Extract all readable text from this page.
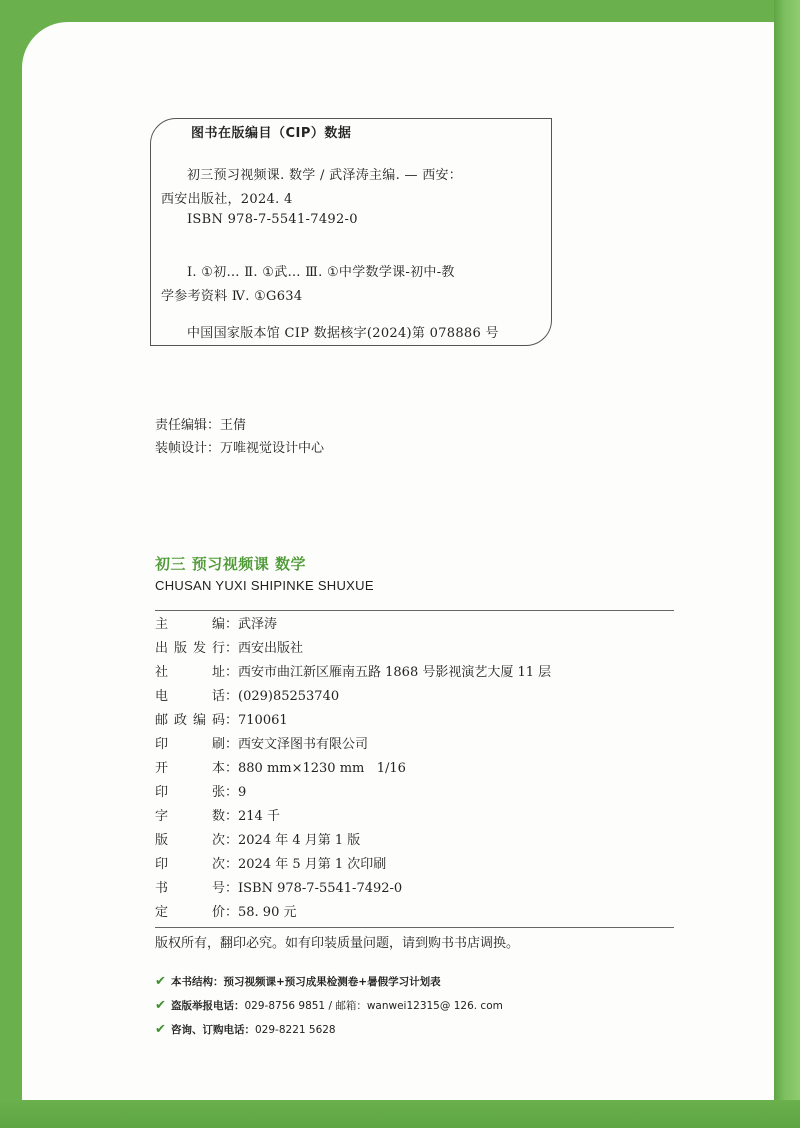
图书在版编目（CIP）数据
初三预习视频课. 数学 / 武泽涛主编. — 西安：
西安出版社，2024. 4
ISBN 978-7-5541-7492-0
Ⅰ. ①初… Ⅱ. ①武… Ⅲ. ①中学数学课-初中-教
学参考资料 Ⅳ. ①G634
中国国家版本馆 CIP 数据核字(2024)第 078886 号
责任编辑：王倩
装帧设计：万唯视觉设计中心
初三 预习视频课 数学
CHUSAN YUXI SHIPINKE SHUXUE
主编：武泽涛
出版发行：西安出版社
社址：西安市曲江新区雁南五路 1868 号影视演艺大厦 11 层
电话：(029)85253740
邮政编码：710061
印刷：西安文泽图书有限公司
开本：880 mm×1230 mm   1/16
印张：9
字数：214 千
版次：2024 年 4 月第 1 版
印次：2024 年 5 月第 1 次印刷
书号：ISBN 978-7-5541-7492-0
定价：58. 90 元
版权所有，翻印必究。如有印装质量问题，请到购书书店调换。
✔ 本书结构：预习视频课+预习成果检测卷+暑假学习计划表
✔ 盗版举报电话：029-8756 9851 / 邮箱：wanwei12315@ 126. com
✔ 咨询、订购电话：029-8221 5628
